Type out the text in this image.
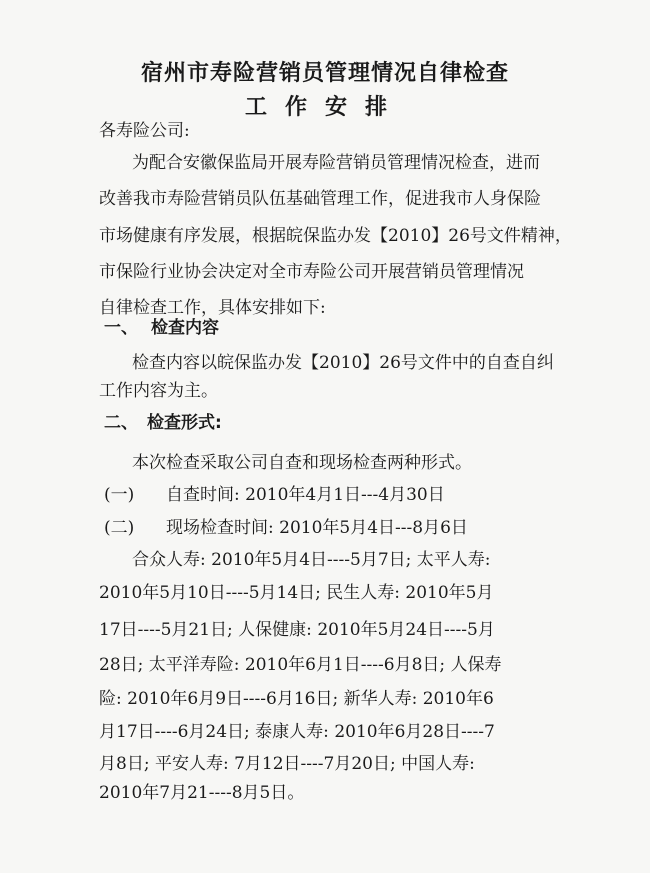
宿州市寿险营销员管理情况自律检查
工作安排
各寿险公司:
为配合安徽保监局开展寿险营销员管理情况检查，进而
改善我市寿险营销员队伍基础管理工作，促进我市人身保险
市场健康有序发展，根据皖保监办发【2010】26号文件精神，
市保险行业协会决定对全市寿险公司开展营销员管理情况
自律检查工作，具体安排如下:
一、 检查内容
检查内容以皖保监办发【2010】26号文件中的自查自纠
工作内容为主。
二、 检查形式:
本次检查采取公司自查和现场检查两种形式。
(一) 自查时间: 2010年4月1日---4月30日
(二) 现场检查时间: 2010年5月4日---8月6日
合众人寿: 2010年5月4日----5月7日; 太平人寿:
2010年5月10日----5月14日; 民生人寿: 2010年5月
17日----5月21日; 人保健康: 2010年5月24日----5月
28日; 太平洋寿险: 2010年6月1日----6月8日; 人保寿
险: 2010年6月9日----6月16日; 新华人寿: 2010年6
月17日----6月24日; 泰康人寿: 2010年6月28日----7
月8日; 平安人寿: 7月12日----7月20日; 中国人寿:
2010年7月21----8月5日。
